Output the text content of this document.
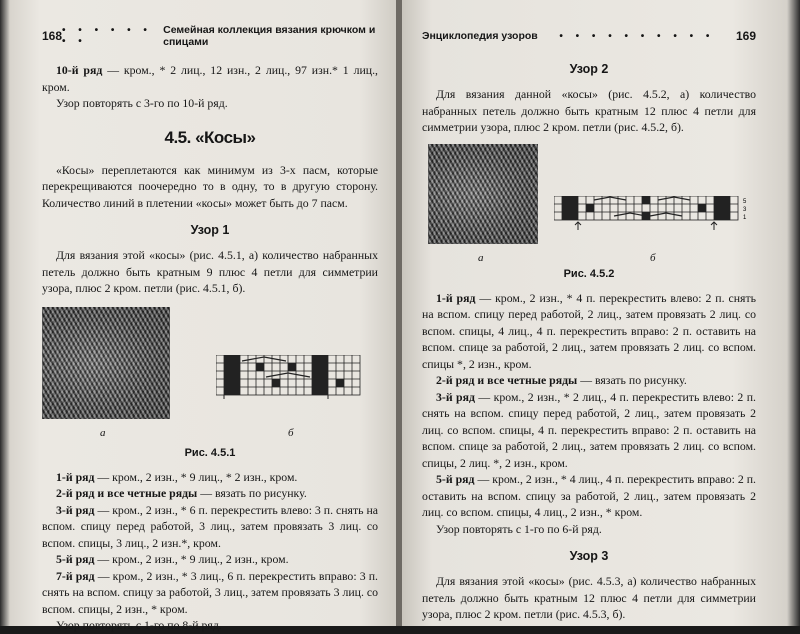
168 • • • • • • • •
Семейная коллекция вязания крючком и спицами

10-й ряд — кром., * 2 лиц., 12 изн., 2 лиц., 97 изн.* 1 лиц., кром.

Узор повторять с 3-го по 10-й ряд.

4.5. «Косы»

«Косы» переплетаются как минимум из 3-х пасм, которые перекрещиваются поочередно то в одну, то в другую сторону. Количество линий в плетении «косы» может быть до 7 пасм.

Узор 1

Для вязания этой «косы» (рис. 4.5.1, а) количество набранных петель должно быть кратным 9 плюс 4 петли для симметрии узора, плюс 2 кром. петли (рис. 4.5.1, б).

а	б
Рис. 4.5.1

1-й ряд — кром., 2 изн., * 9 лиц., * 2 изн., кром.

2-й ряд и все четные ряды — вязать по рисунку.

3-й ряд — кром., 2 изн., * 6 п. перекрестить влево: 3 п. снять на вспом. спицу перед работой, 3 лиц., затем провязать 3 лиц. со вспом. спицы, 3 лиц., 2 изн.*, кром.

5-й ряд — кром., 2 изн., * 9 лиц., 2 изн., кром.

7-й ряд — кром., 2 изн., * 3 лиц., 6 п. перекрестить вправо: 3 п. снять на вспом. спицу за работой, 3 лиц., затем провязать 3 лиц. со вспом. спицы, 2 изн., * кром.

Узор повторять с 1-го по 8-й ряд.

Энциклопедия узоров • • • • • • • • • • 169
Узор 2

Для вязания данной «косы» (рис. 4.5.2, а) количество набранных петель должно быть кратным 12 плюс 4 петли для симметрии узора, плюс 2 кром. петли (рис. 4.5.2, б).

5
3
1
а	б
Рис. 4.5.2

1-й ряд — кром., 2 изн., * 4 п. перекрестить влево: 2 п. снять на вспом. спицу перед работой, 2 лиц., затем провязать 2 лиц. со вспом. спицы, 4 лиц., 4 п. перекрестить вправо: 2 п. оставить на вспом. спице за работой, 2 лиц., затем провязать 2 лиц. со вспом. спицы *, 2 изн., кром.

2-й ряд и все четные ряды — вязать по рисунку.

3-й ряд — кром., 2 изн., * 2 лиц., 4 п. перекрестить влево: 2 п. снять на вспом. спицу перед работой, 2 лиц., затем провязать 2 лиц. со вспом. спицы, 4 п. перекрестить вправо: 2 п. оставить на вспом. спице за работой, 2 лиц., затем провязать 2 лиц. со вспом. спицы, 2 лиц. *, 2 изн., кром.

5-й ряд — кром., 2 изн., * 4 лиц., 4 п. перекрестить вправо: 2 п. оставить на вспом. спицу за работой, 2 лиц., затем провязать 2 лиц. со вспом. спицы, 4 лиц., 2 изн., * кром.

Узор повторять с 1-го по 6-й ряд.

Узор 3

Для вязания этой «косы» (рис. 4.5.3, а) количество набранных петель должно быть кратным 12 плюс 4 петли для симметрии узора, плюс 2 кром. петли (рис. 4.5.3, б).
